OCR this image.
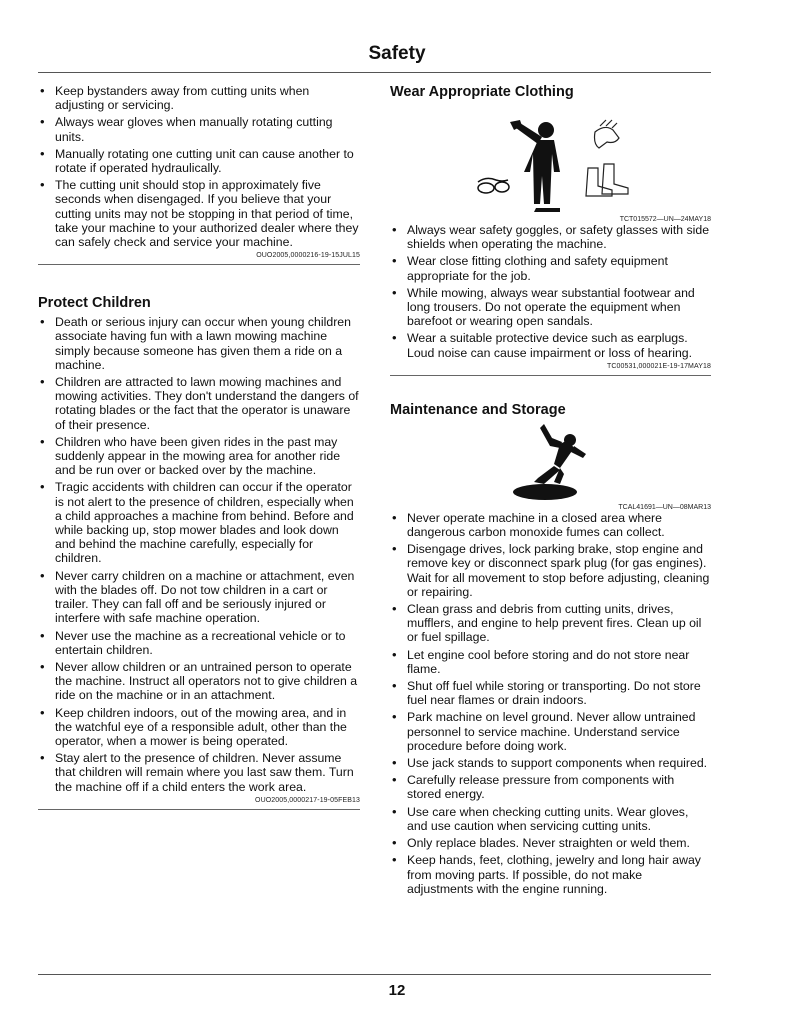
Safety
• Keep bystanders away from cutting units when adjusting or servicing.
• Always wear gloves when manually rotating cutting units.
• Manually rotating one cutting unit can cause another to rotate if operated hydraulically.
• The cutting unit should stop in approximately five seconds when disengaged. If you believe that your cutting units may not be stopping in that period of time, take your machine to your authorized dealer where they can safely check and service your machine.
OUO2005,0000216-19-15JUL15
Protect Children
• Death or serious injury can occur when young children associate having fun with a lawn mowing machine simply because someone has given them a ride on a machine.
• Children are attracted to lawn mowing machines and mowing activities. They don't understand the dangers of rotating blades or the fact that the operator is unaware of their presence.
• Children who have been given rides in the past may suddenly appear in the mowing area for another ride and be run over or backed over by the machine.
• Tragic accidents with children can occur if the operator is not alert to the presence of children, especially when a child approaches a machine from behind. Before and while backing up, stop mower blades and look down and behind the machine carefully, especially for children.
• Never carry children on a machine or attachment, even with the blades off. Do not tow children in a cart or trailer. They can fall off and be seriously injured or interfere with safe machine operation.
• Never use the machine as a recreational vehicle or to entertain children.
• Never allow children or an untrained person to operate the machine. Instruct all operators not to give children a ride on the machine or in an attachment.
• Keep children indoors, out of the mowing area, and in the watchful eye of a responsible adult, other than the operator, when a mower is being operated.
• Stay alert to the presence of children. Never assume that children will remain where you last saw them. Turn the machine off if a child enters the work area.
OUO2005,0000217-19-05FEB13
Wear Appropriate Clothing
TCT015572—UN—24MAY18
• Always wear safety goggles, or safety glasses with side shields when operating the machine.
• Wear close fitting clothing and safety equipment appropriate for the job.
• While mowing, always wear substantial footwear and long trousers. Do not operate the equipment when barefoot or wearing open sandals.
• Wear a suitable protective device such as earplugs. Loud noise can cause impairment or loss of hearing.
TC00531,000021E-19-17MAY18
Maintenance and Storage
TCAL41691—UN—08MAR13
• Never operate machine in a closed area where dangerous carbon monoxide fumes can collect.
• Disengage drives, lock parking brake, stop engine and remove key or disconnect spark plug (for gas engines). Wait for all movement to stop before adjusting, cleaning or repairing.
• Clean grass and debris from cutting units, drives, mufflers, and engine to help prevent fires. Clean up oil or fuel spillage.
• Let engine cool before storing and do not store near flame.
• Shut off fuel while storing or transporting. Do not store fuel near flames or drain indoors.
• Park machine on level ground. Never allow untrained personnel to service machine. Understand service procedure before doing work.
• Use jack stands to support components when required.
• Carefully release pressure from components with stored energy.
• Use care when checking cutting units. Wear gloves, and use caution when servicing cutting units.
• Only replace blades. Never straighten or weld them.
• Keep hands, feet, clothing, jewelry and long hair away from moving parts. If possible, do not make adjustments with the engine running.
12
